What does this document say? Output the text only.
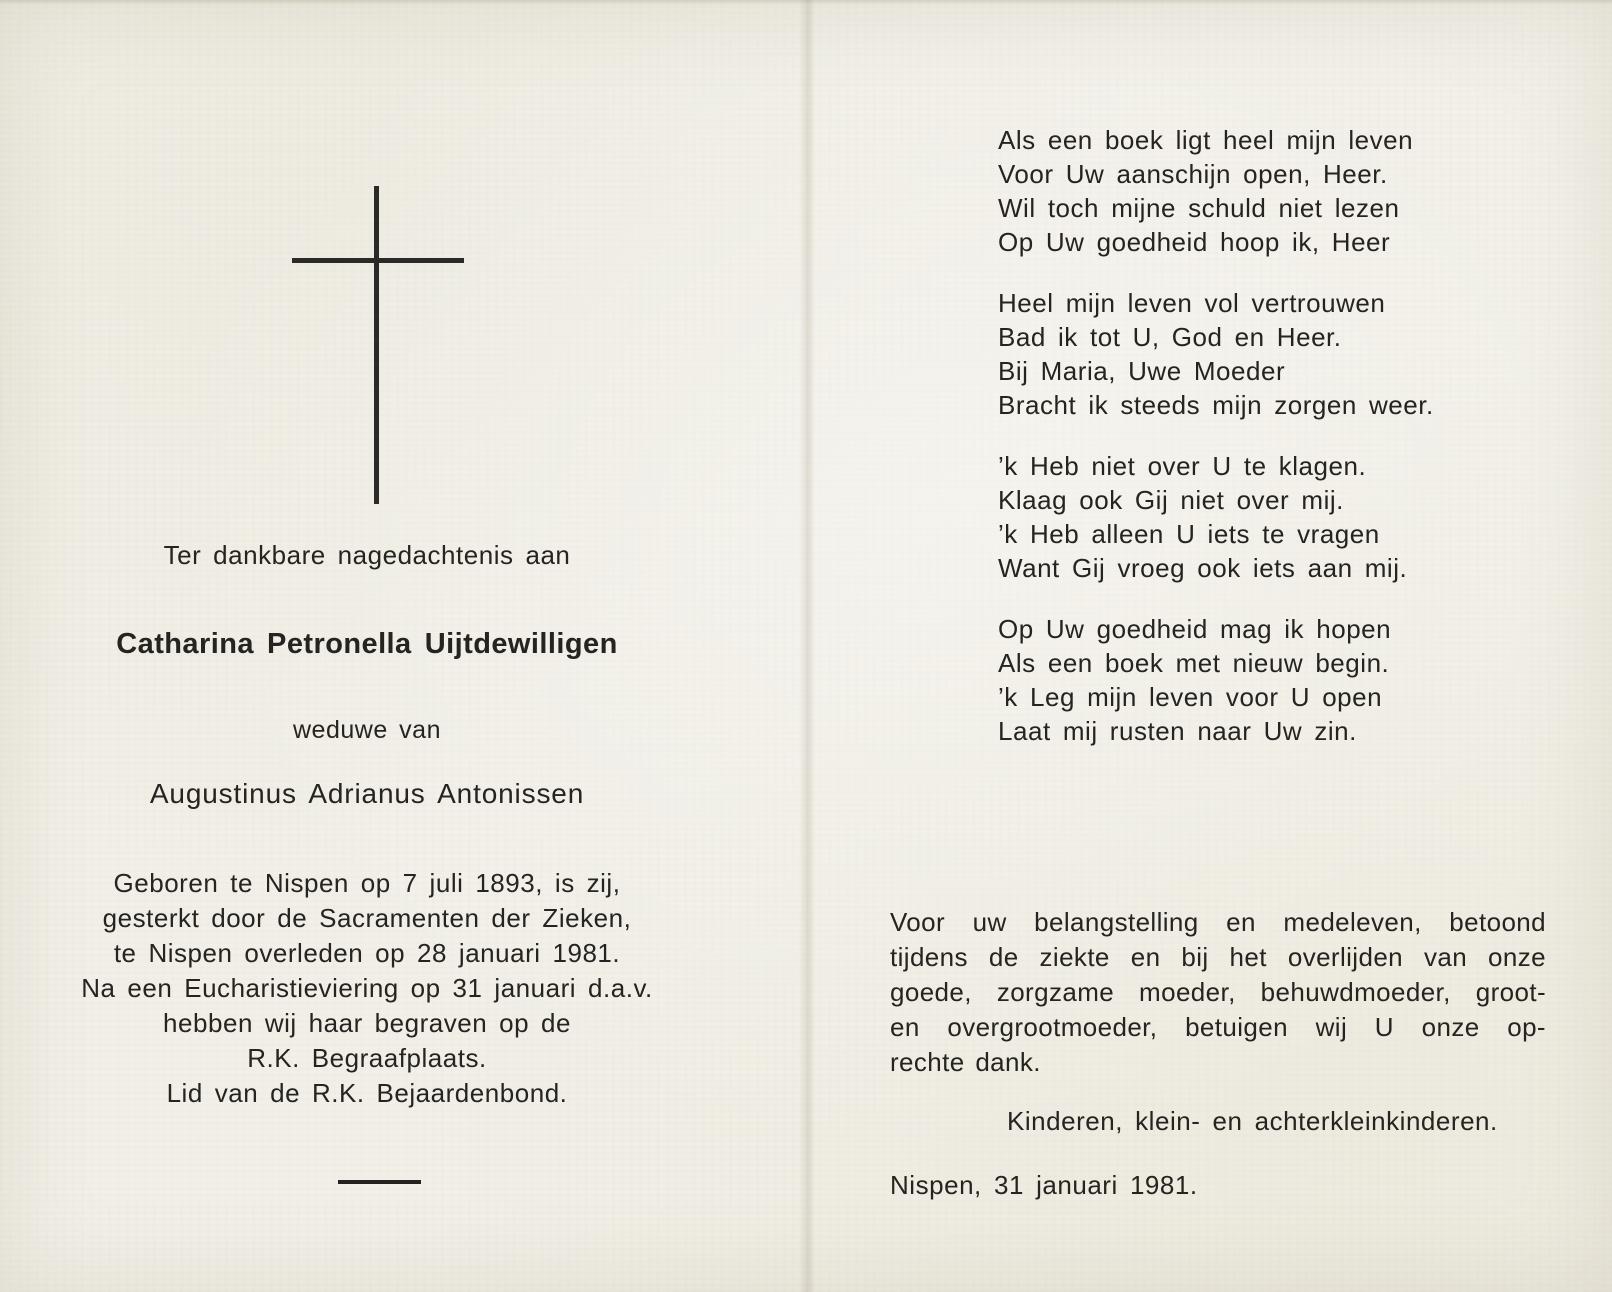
Ter dankbare nagedachtenis aan
Catharina Petronella Uijtdewilligen
weduwe van
Augustinus Adrianus Antonissen
Geboren te Nispen op 7 juli 1893, is zij,
gesterkt door de Sacramenten der Zieken,
te Nispen overleden op 28 januari 1981.
Na een Eucharistieviering op 31 januari d.a.v.
hebben wij haar begraven op de
R.K. Begraafplaats.
Lid van de R.K. Bejaardenbond.
Als een boek ligt heel mijn leven
Voor Uw aanschijn open, Heer.
Wil toch mijne schuld niet lezen
Op Uw goedheid hoop ik, Heer
Heel mijn leven vol vertrouwen
Bad ik tot U, God en Heer.
Bij Maria, Uwe Moeder
Bracht ik steeds mijn zorgen weer.
’k Heb niet over U te klagen.
Klaag ook Gij niet over mij.
’k Heb alleen U iets te vragen
Want Gij vroeg ook iets aan mij.
Op Uw goedheid mag ik hopen
Als een boek met nieuw begin.
’k Leg mijn leven voor U open
Laat mij rusten naar Uw zin.
Voor uw belangstelling en medeleven, betoond
tijdens de ziekte en bij het overlijden van onze
goede, zorgzame moeder, behuwdmoeder, groot-
en overgrootmoeder, betuigen wij U onze op-
rechte dank.
Kinderen, klein- en achterkleinkinderen.
Nispen, 31 januari 1981.
